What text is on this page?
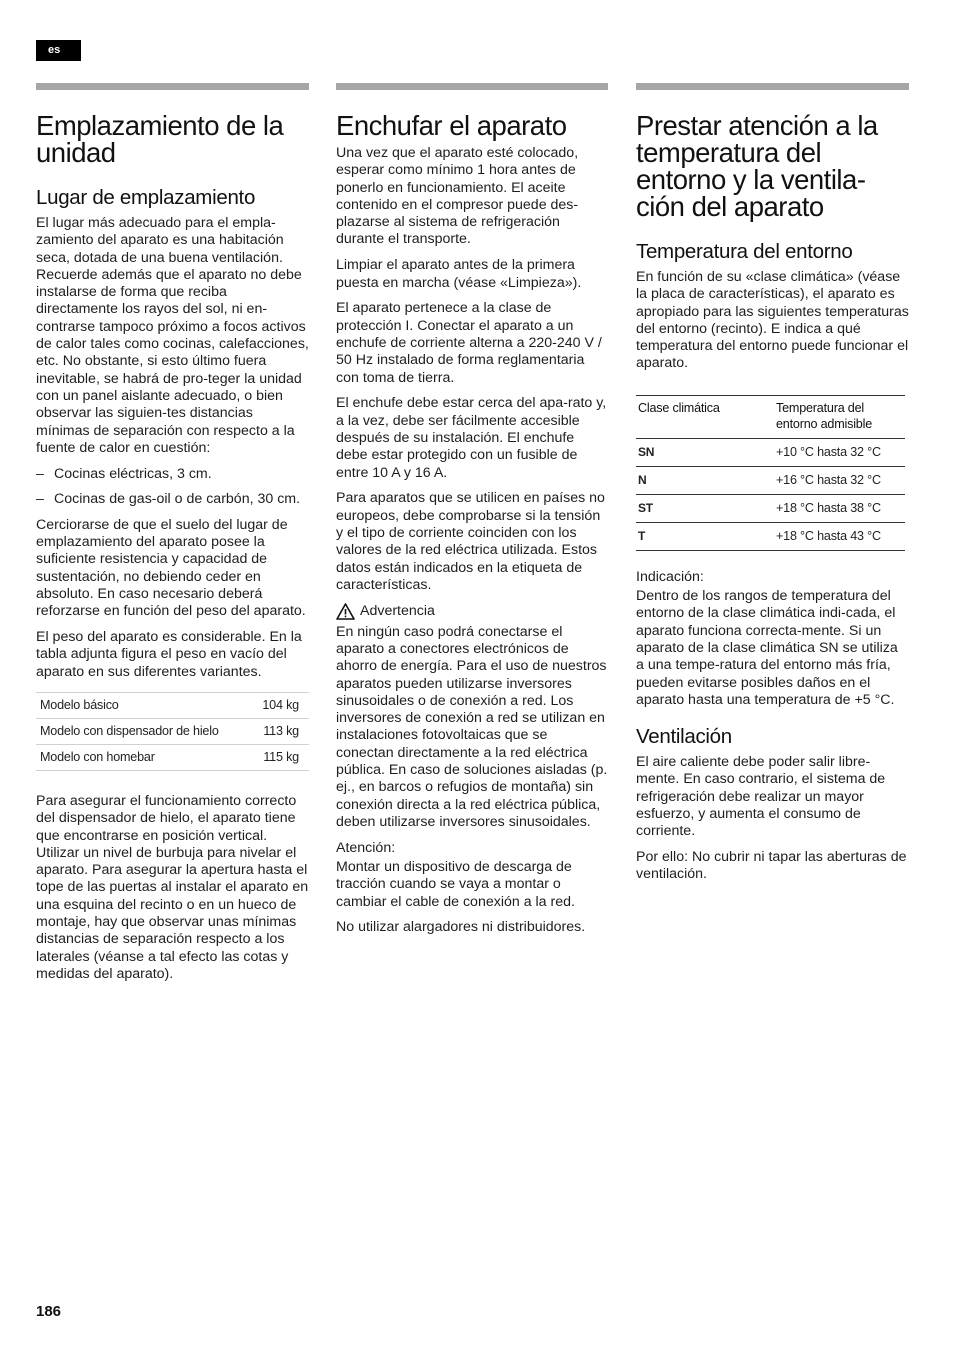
es
Emplazamiento de la unidad
Lugar de emplazamiento

El lugar más adecuado para el empla-zamiento del aparato es una habitación seca, dotada de una buena ventilación. Recuerde además que el aparato no debe instalarse de forma que reciba directamente los rayos del sol, ni en-contrarse tampoco próximo a focos activos de calor tales como cocinas, calefacciones, etc. No obstante, si esto último fuera inevitable, se habrá de pro-teger la unidad con un panel aislante adecuado, o bien observar las siguien-tes distancias mínimas de separación con respecto a la fuente de calor en cuestión:

– Cocinas eléctricas, 3 cm.
– Cocinas de gas-oil o de carbón, 30 cm.

Cerciorarse de que el suelo del lugar de emplazamiento del aparato posee la suficiente resistencia y capacidad de sustentación, no debiendo ceder en absoluto. En caso necesario deberá reforzarse en función del peso del aparato.

El peso del aparato es considerable. En la tabla adjunta figura el peso en vacío del aparato en sus diferentes variantes.

Modelo básico	104 kg
Modelo con dispensador de hielo	113 kg
Modelo con homebar	115 kg

Para asegurar el funcionamiento correcto del dispensador de hielo, el aparato tiene que encontrarse en posición vertical. Utilizar un nivel de burbuja para nivelar el aparato. Para asegurar la apertura hasta el tope de las puertas al instalar el aparato en una esquina del recinto o en un hueco de montaje, hay que observar unas mínimas distancias de separación respecto a los laterales (véanse a tal efecto las cotas y medidas del aparato).

Enchufar el aparato

Una vez que el aparato esté colocado, esperar como mínimo 1 hora antes de ponerlo en funcionamiento. El aceite contenido en el compresor puede des-plazarse al sistema de refrigeración durante el transporte.

Limpiar el aparato antes de la primera puesta en marcha (véase «Limpieza»).

El aparato pertenece a la clase de protección I. Conectar el aparato a un enchufe de corriente alterna a 220-240 V / 50 Hz instalado de forma reglamentaria con toma de tierra.

El enchufe debe estar cerca del apa-rato y, a la vez, debe ser fácilmente accesible después de su instalación. El enchufe debe estar protegido con un fusible de entre 10 A y 16 A.

Para aparatos que se utilicen en países no europeos, debe comprobarse si la tensión y el tipo de corriente coinciden con los valores de la red eléctrica utilizada. Estos datos están indicados en la etiqueta de características.

Advertencia

En ningún caso podrá conectarse el aparato a conectores electrónicos de ahorro de energía. Para el uso de nuestros aparatos pueden utilizarse inversores sinusoidales o de conexión a red. Los inversores de conexión a red se utilizan en instalaciones fotovoltaicas que se conectan directamente a la red eléctrica pública. En caso de soluciones aisladas (p. ej., en barcos o refugios de montaña) sin conexión directa a la red eléctrica pública, deben utilizarse inversores sinusoidales.

Atención:

Montar un dispositivo de descarga de tracción cuando se vaya a montar o cambiar el cable de conexión a la red.

No utilizar alargadores ni distribuidores.

Prestar atención a la temperatura del entorno y la ventila-ción del aparato
Temperatura del entorno

En función de su «clase climática» (véase la placa de características), el aparato es apropiado para las siguientes temperaturas del entorno (recinto). E indica a qué temperatura del entorno puede funcionar el aparato.

Clase climática	Temperatura del entorno admisible
SN	+10 °C hasta 32 °C
N	+16 °C hasta 32 °C
ST	+18 °C hasta 38 °C
T	+18 °C hasta 43 °C
Indicación:

Dentro de los rangos de temperatura del entorno de la clase climática indi-cada, el aparato funciona correcta-mente. Si un aparato de la clase climática SN se utiliza a una tempe-ratura del entorno más fría, pueden evitarse posibles daños en el aparato hasta una temperatura de +5 °C.

Ventilación

El aire caliente debe poder salir libre-mente. En caso contrario, el sistema de refrigeración debe realizar un mayor esfuerzo, y aumenta el consumo de corriente.

Por ello: No cubrir ni tapar las aberturas de ventilación.

186
